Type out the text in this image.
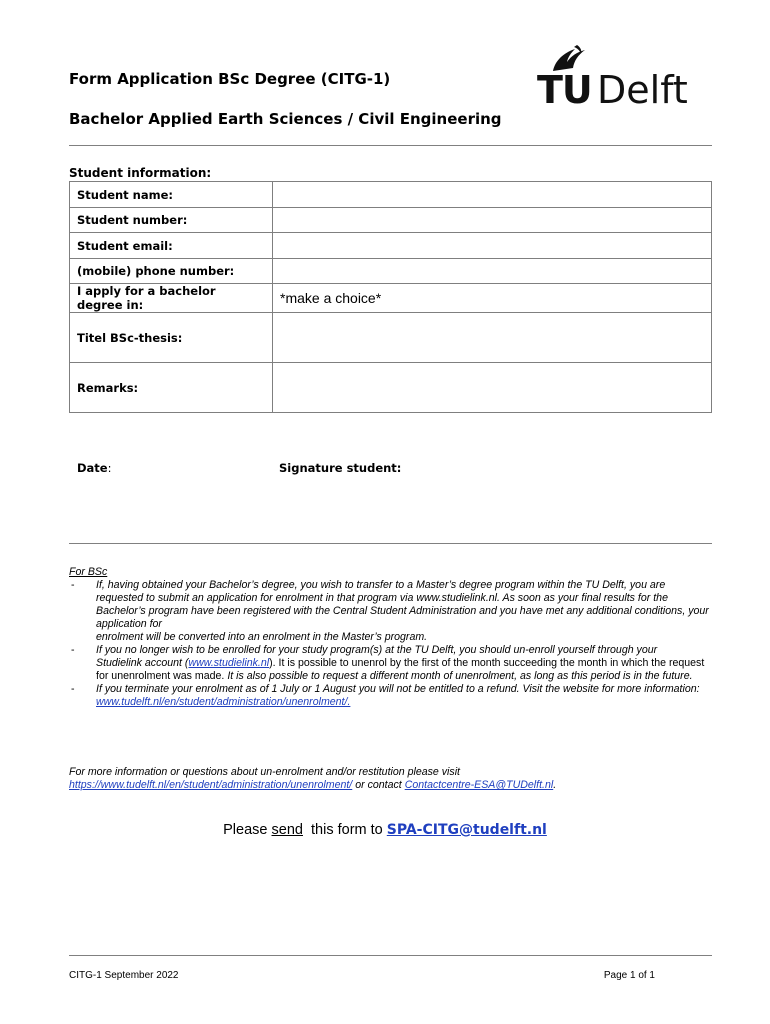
Form Application BSc Degree (CITG-1)
Bachelor Applied Earth Sciences / Civil Engineering
TU Delft
Student information:
Student name:	
Student number:	
Student email:	
(mobile) phone number:	
I apply for a bachelor degree in:	*make a choice*
Titel BSc-thesis:	
Remarks:	
Date:	Signature student:
For BSc
- If, having obtained your Bachelor’s degree, you wish to transfer to a Master’s degree program within the TU Delft, you are requested to submit an application for enrolment in that program via www.studielink.nl. As soon as your final results for the Bachelor’s program have been registered with the Central Student Administration and you have met any additional conditions, your application for
enrolment will be converted into an enrolment in the Master’s program.
- If you no longer wish to be enrolled for your study program(s) at the TU Delft, you should un-enroll yourself through your
Studielink account (www.studielink.nl). It is possible to unenrol by the first of the month succeeding the month in which the request for unenrolment was made. It is also possible to request a different month of unenrolment, as long as this period is in the future.
- If you terminate your enrolment as of 1 July or 1 August you will not be entitled to a refund. Visit the website for more information: www.tudelft.nl/en/student/administration/unenrolment/.
For more information or questions about un-enrolment and/or restitution please visit
https://www.tudelft.nl/en/student/administration/unenrolment/ or contact Contactcentre-ESA@TUDelft.nl.
Please send this form to SPA-CITG@tudelft.nl
CITG-1 September 2022	Page 1 of 1
